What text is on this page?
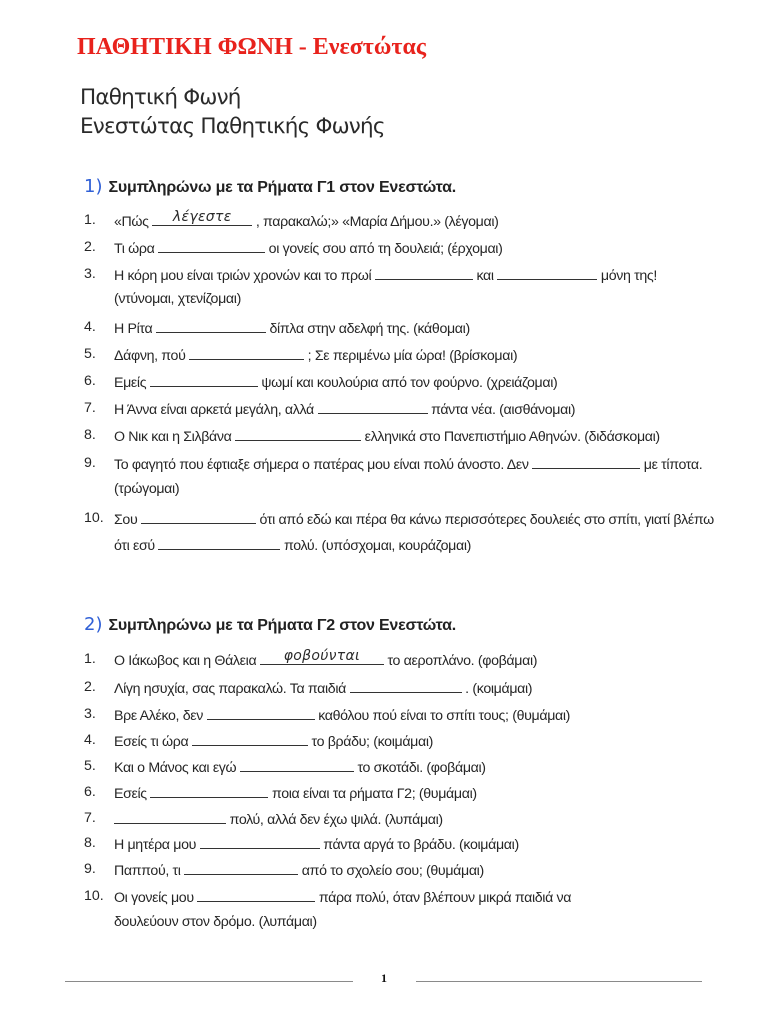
ΠΑΘΗΤΙΚΗ ΦΩΝΗ - Ενεστώτας
Παθητική Φωνή
Ενεστώτας Παθητικής Φωνής
1) Συμπληρώνω με τα Ρήματα Γ1 στον Ενεστώτα.
1.	«Πώς	λέγεστε	, παρακαλώ;» «Μαρία Δήμου.» (λέγομαι)
2.	Τι ώρα	οι γονείς σου από τη δουλειά; (έρχομαι)
3.	Η κόρη μου είναι τριών χρονών και το πρωί	και	μόνη της!
(ντύνομαι, χτενίζομαι)
4.	Η Ρίτα	δίπλα στην αδελφή της. (κάθομαι)
5.	Δάφνη, πού	; Σε περιμένω μία ώρα! (βρίσκομαι)
6.	Εμείς	ψωμί και κουλούρια από τον φούρνο. (χρειάζομαι)
7.	Η Άννα είναι αρκετά μεγάλη, αλλά	πάντα νέα. (αισθάνομαι)
8.	Ο Νικ και η Σιλβάνα	ελληνικά στο Πανεπιστήμιο Αθηνών. (διδάσκομαι)
9.	Το φαγητό που έφτιαξε σήμερα ο πατέρας μου είναι πολύ άνοστο. Δεν	με τίποτα.
(τρώγομαι)
10. Σου	ότι από εδώ και πέρα θα κάνω περισσότερες δουλειές στο σπίτι, γιατί βλέπω
ότι εσύ	πολύ. (υπόσχομαι, κουράζομαι)
2) Συμπληρώνω με τα Ρήματα Γ2 στον Ενεστώτα.
1.	Ο Ιάκωβος και η Θάλεια	φοβούνται	το αεροπλάνο. (φοβάμαι)
2.	Λίγη ησυχία, σας παρακαλώ. Τα παιδιά	. (κοιμάμαι)
3.	Βρε Αλέκο, δεν	καθόλου πού είναι το σπίτι τους; (θυμάμαι)
4.	Εσείς τι ώρα	το βράδυ; (κοιμάμαι)
5.	Και ο Μάνος και εγώ	το σκοτάδι. (φοβάμαι)
6.	Εσείς	ποια είναι τα ρήματα Γ2; (θυμάμαι)
7.	πολύ, αλλά δεν έχω ψιλά. (λυπάμαι)
8.	Η μητέρα μου	πάντα αργά το βράδυ. (κοιμάμαι)
9.	Παππού, τι	από το σχολείο σου; (θυμάμαι)
10. Οι γονείς μου	πάρα πολύ, όταν βλέπουν μικρά παιδιά να
δουλεύουν στον δρόμο. (λυπάμαι)
1
